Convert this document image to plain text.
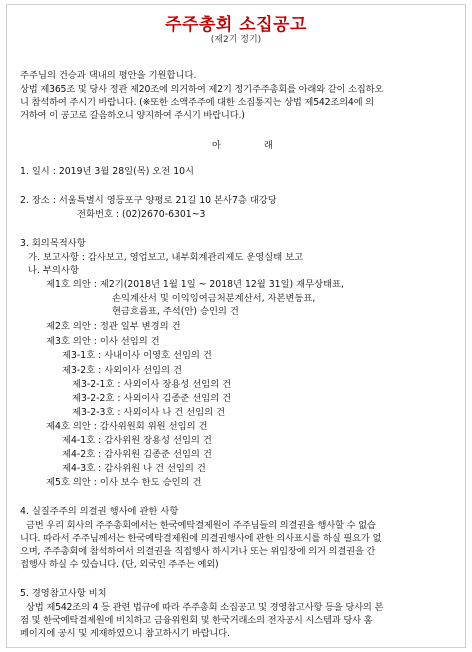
주주총회 소집공고
(제2기 정기)
주주님의 건승과 댁내의 평안을 기원합니다.
상법 제365조 및 당사 정관 제20조에 의거하여 제2기 정기주주총회를 아래와 같이 소집하오
니 참석하여 주시기 바랍니다. (※또한 소액주주에 대한 소집통지는 상법 제542조의4에 의
거하여 이 공고로 갈음하오니 양지하여 주시기 바랍니다.)
아 래
1. 일시 : 2019년 3월 28일(목) 오전 10시
2. 장소 : 서울특별시 영등포구 양평로 21길 10 본사7층 대강당
전화번호 : (02)2670-6301~3
3. 회의목적사항
가. 보고사항 : 감사보고, 영업보고, 내부회계관리제도 운영실태 보고
나. 부의사항
제1호 의안 : 제2기(2018년 1월 1일 ~ 2018년 12월 31일) 재무상태표,
손익계산서 및 이익잉여금처분계산서, 자본변동표,
현금흐름표, 주석(안) 승인의 건
제2호 의안 : 정관 일부 변경의 건
제3호 의안 : 이사 선임의 건
제3-1호 : 사내이사 이영호 선임의 건
제3-2호 : 사외이사 선임의 건
제3-2-1호 : 사외이사 장용성 선임의 건
제3-2-2호 : 사외이사 김종준 선임의 건
제3-2-3호 : 사외이사 나 건 선임의 건
제4호 의안 : 감사위원회 위원 선임의 건
제4-1호 : 감사위원 장용성 선임의 건
제4-2호 : 감사위원 김종준 선임의 건
제4-3호 : 감사위원 나 건 선임의 건
제5호 의안 : 이사 보수 한도 승인의 건
4. 실질주주의 의결권 행사에 관한 사항
금번 우리 회사의 주주총회에서는 한국예탁결제원이 주주님들의 의결권을 행사할 수 없습
니다. 따라서 주주님께서는 한국예탁결제원에 의결권행사에 관한 의사표시를 하실 필요가 없
으며, 주주총회에 참석하여서 의결권을 직접행사 하시거나 또는 위임장에 의거 의결권을 간
접행사 하실 수 있습니다. (단, 외국인 주주는 예외)
5. 경영참고사항 비치
상법 제542조의 4 등 관련 법규에 따라 주주총회 소집공고 및 경영참고사항 등을 당사의 본
점 및 한국예탁결제원에 비치하고 금융위원회 및 한국거래소의 전자공시 시스템과 당사 홈
페이지에 공시 및 게재하였으니 참고하시기 바랍니다.
